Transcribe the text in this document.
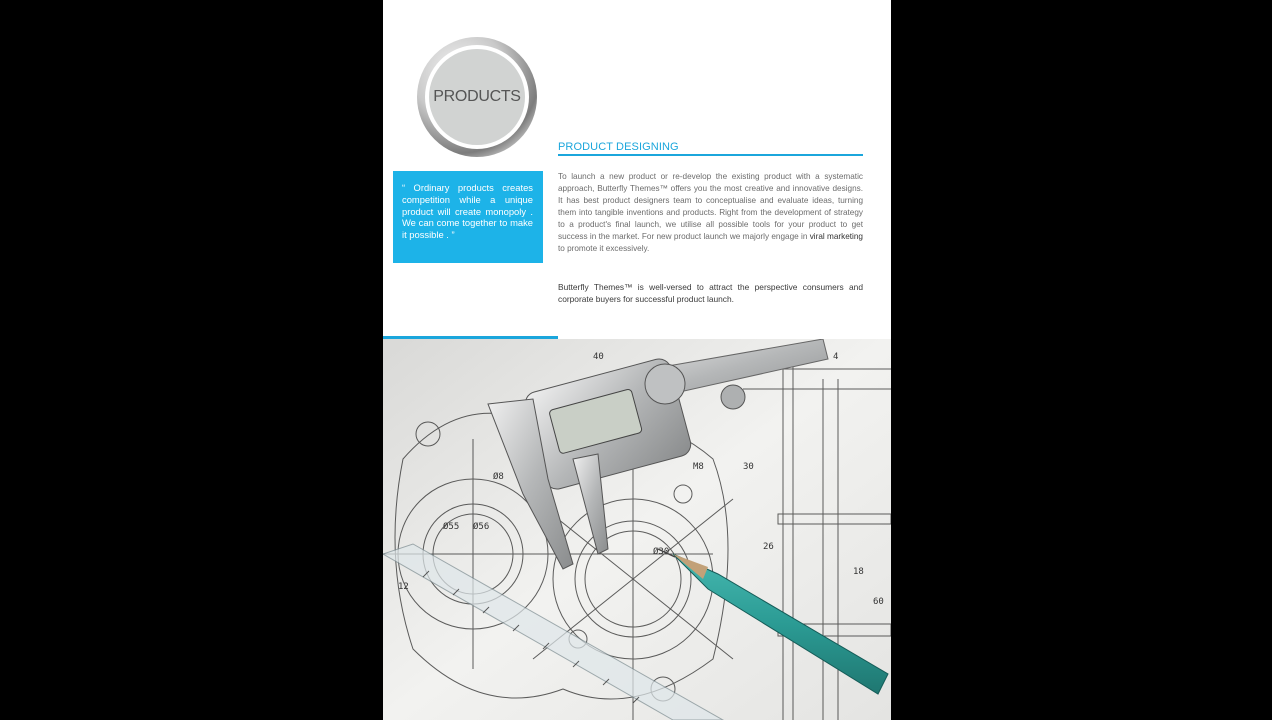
PRODUCTS

“ Ordinary products creates competition while a unique product will create monopoly . We can come together to make it possible . ”

PRODUCT DESIGNING

To launch a new product or re-develop the existing product with a systematic approach, Butterfly Themes™ offers you the most creative and innovative designs. It has best product designers team to conceptualise and evaluate ideas, turning them into tangible inventions and products. Right from the development of strategy to a product's final launch, we utilise all possible tools for your product to get success in the market. For new product launch we majorly engage in viral marketing to promote it excessively.

Butterfly Themes™ is well-versed to attract the perspective consumers and corporate buyers for successful product launch.

40	4
Ø55
Ø8
M8	30
60
Ø56
12
18
26
Ø30
